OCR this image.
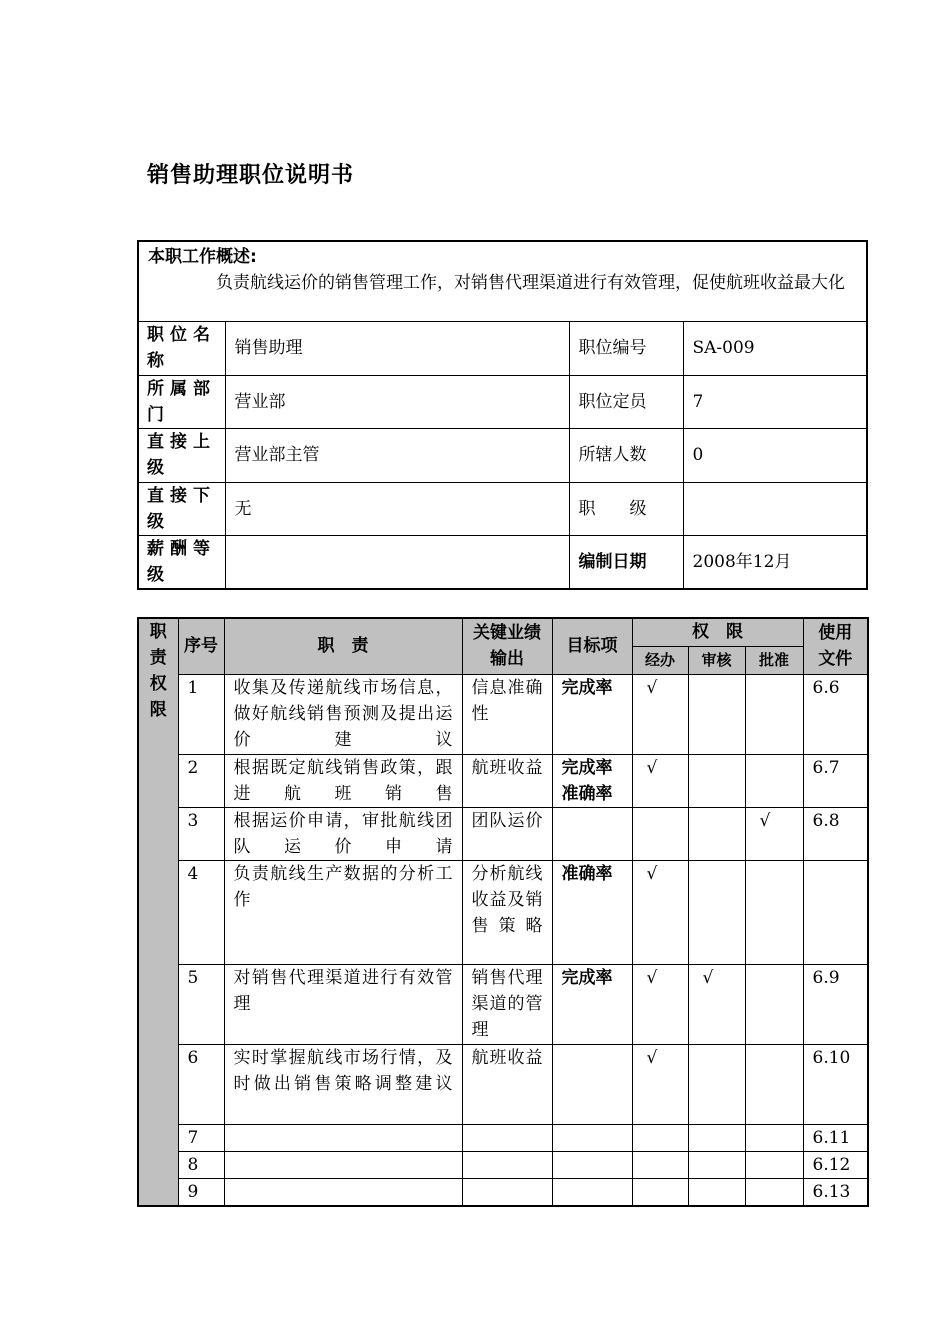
销售助理职位说明书
本职工作概述:
负责航线运价的销售管理工作，对销售代理渠道进行有效管理，促使航班收益最大化			

职位名称	销售助理	职位编号	SA-009
所属部门	营业部	职位定员	7
直接上级	营业部主管	所辖人数	0
直接下级	无	职　　级	
薪酬等级		编制日期	2008年12月
职责权限	序号	职　责	关键业绩输出	目标项	权　限			使用文件
					经办	审核	批准	
	1	收集及传递航线市场信息，做好航线销售预测及提出运价建议	信息准确性	完成率	√			6.6
	2	根据既定航线销售政策，跟进航班销售	航班收益	完成率
准确率	√			6.7
	3	根据运价申请，审批航线团队运价申请	团队运价				√	6.8
	4	负责航线生产数据的分析工作	分析航线收益及销售策略	准确率	√			
	5	对销售代理渠道进行有效管理	销售代理渠道的管理	完成率	√	√		6.9
	6	实时掌握航线市场行情，及时做出销售策略调整建议	航班收益		√			6.10
	7							6.11
	8							6.12
	9							6.13
